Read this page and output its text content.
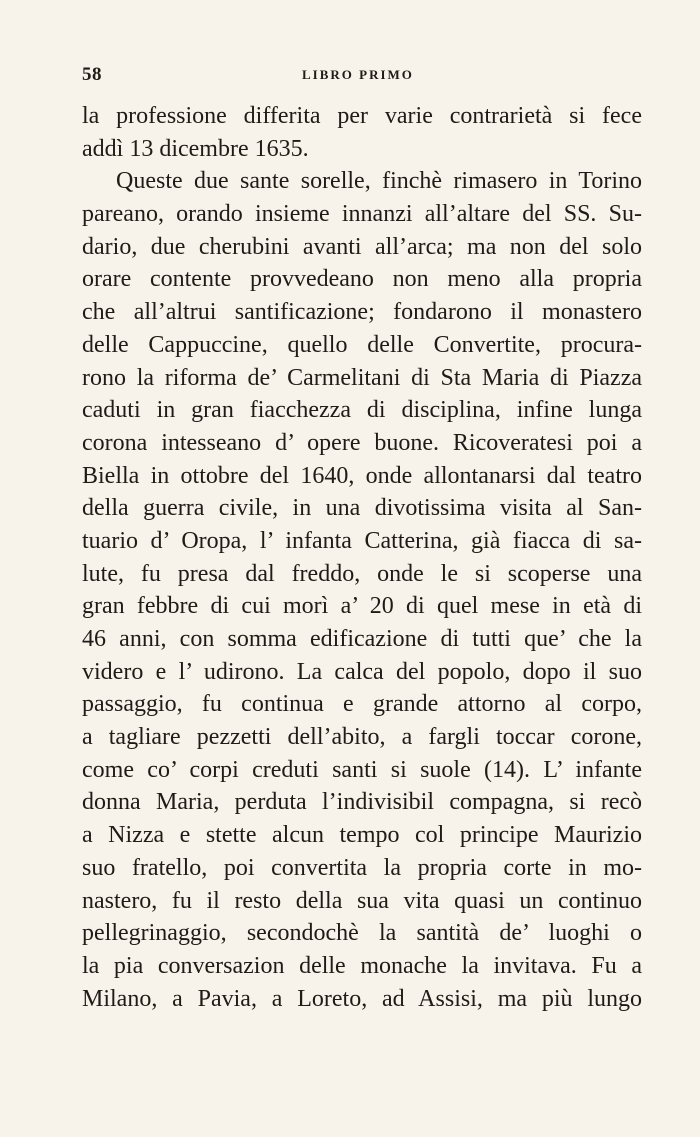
58	LIBRO PRIMO
la professione differita per varie contrarietà si fece
addì 13 dicembre 1635.
Queste due sante sorelle, finchè rimasero in Torino
pareano, orando insieme innanzi all’altare del SS. Su-
dario, due cherubini avanti all’arca; ma non del solo
orare contente provvedeano non meno alla propria
che all’altrui santificazione; fondarono il monastero
delle Cappuccine, quello delle Convertite, procura-
rono la riforma de’ Carmelitani di Sta Maria di Piazza
caduti in gran fiacchezza di disciplina, infine lunga
corona intesseano d’ opere buone. Ricoveratesi poi a
Biella in ottobre del 1640, onde allontanarsi dal teatro
della guerra civile, in una divotissima visita al San-
tuario d’ Oropa, l’ infanta Catterina, già fiacca di sa-
lute, fu presa dal freddo, onde le si scoperse una
gran febbre di cui morì a’ 20 di quel mese in età di
46 anni, con somma edificazione di tutti que’ che la
videro e l’ udirono. La calca del popolo, dopo il suo
passaggio, fu continua e grande attorno al corpo,
a tagliare pezzetti dell’abito, a fargli toccar corone,
come co’ corpi creduti santi si suole (14). L’ infante
donna Maria, perduta l’indivisibil compagna, si recò
a Nizza e stette alcun tempo col principe Maurizio
suo fratello, poi convertita la propria corte in mo-
nastero, fu il resto della sua vita quasi un continuo
pellegrinaggio, secondochè la santità de’ luoghi o
la pia conversazion delle monache la invitava. Fu a
Milano, a Pavia, a Loreto, ad Assisi, ma più lungo
